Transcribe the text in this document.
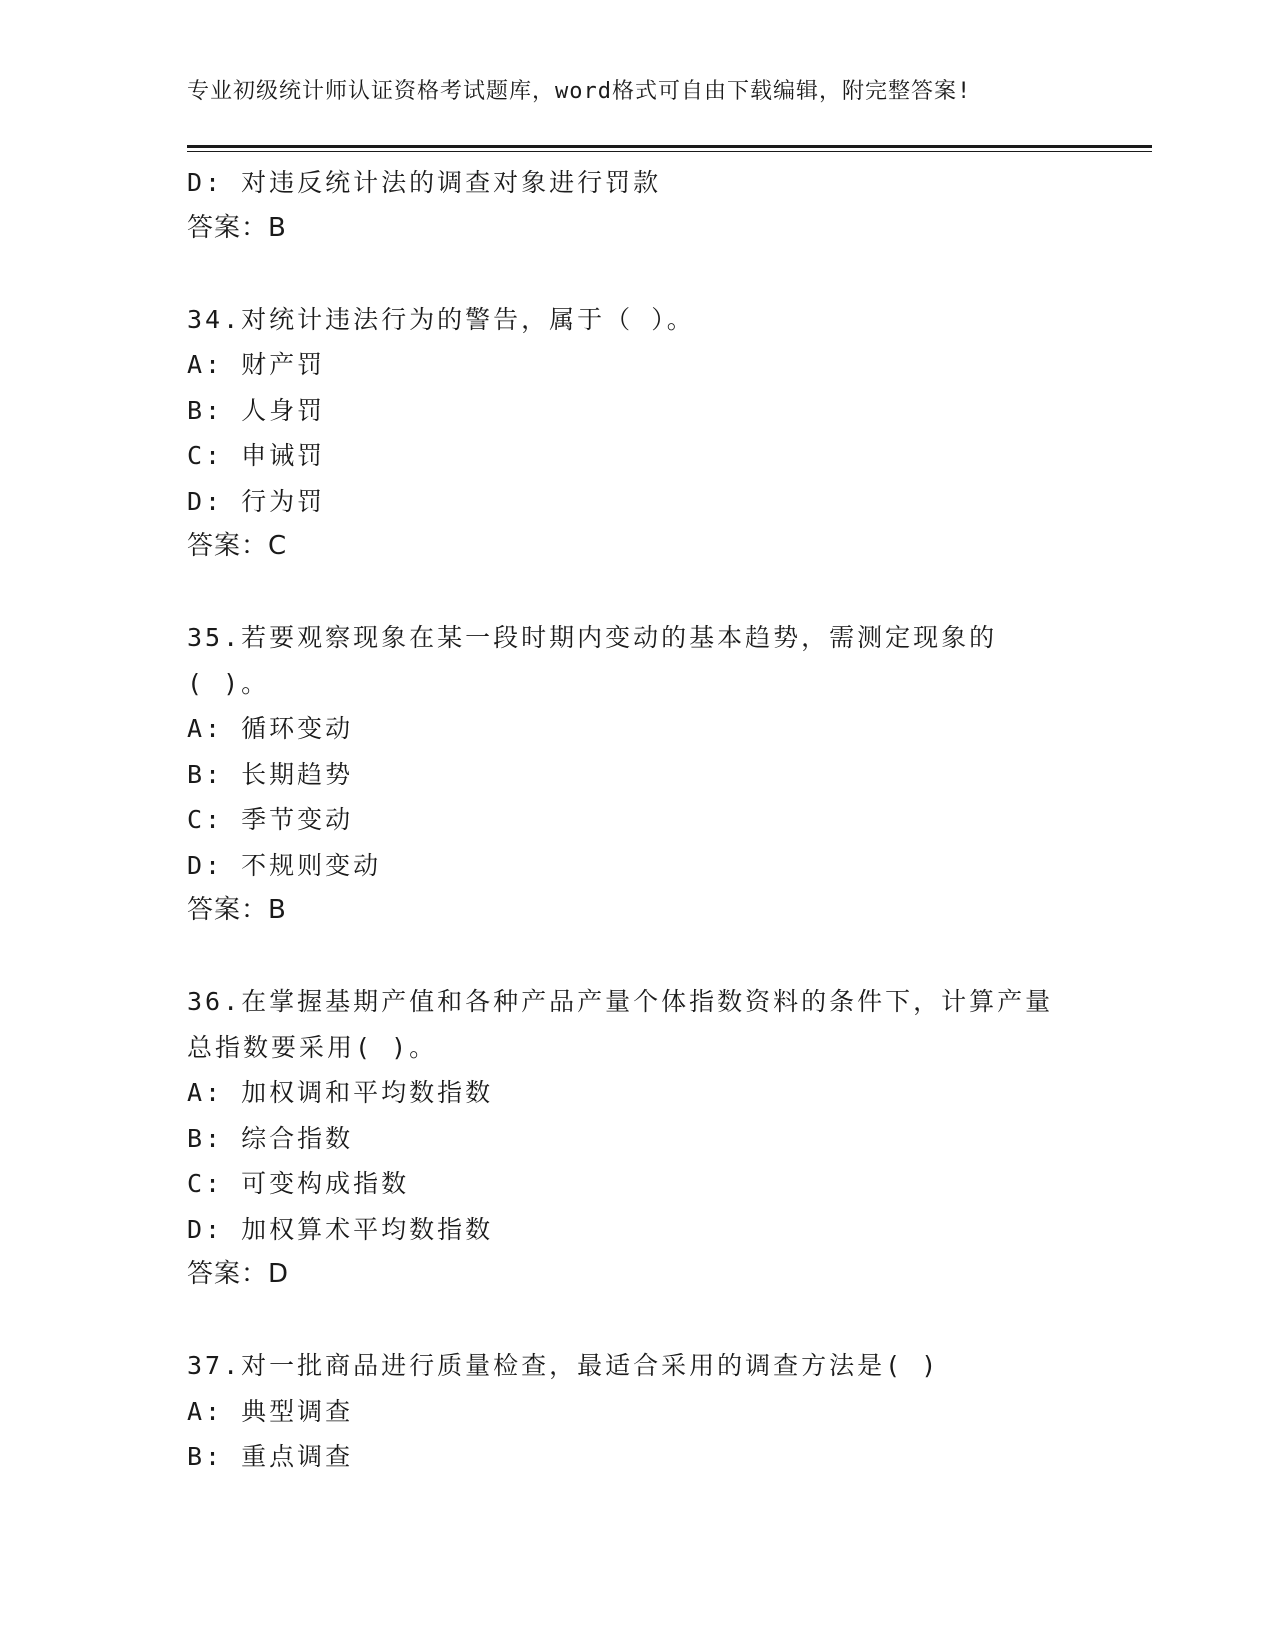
专业初级统计师认证资格考试题库，word格式可自由下载编辑，附完整答案!
D: 对违反统计法的调查对象进行罚款
答案：B
34.对统计违法行为的警告，属于（ ）。
A: 财产罚
B: 人身罚
C: 申诫罚
D: 行为罚
答案：C
35.若要观察现象在某一段时期内变动的基本趋势，需测定现象的
( )。
A: 循环变动
B: 长期趋势
C: 季节变动
D: 不规则变动
答案：B
36.在掌握基期产值和各种产品产量个体指数资料的条件下，计算产量
总指数要采用( )。
A: 加权调和平均数指数
B: 综合指数
C: 可变构成指数
D: 加权算术平均数指数
答案：D
37.对一批商品进行质量检查，最适合采用的调查方法是( )
A: 典型调查
B: 重点调查
